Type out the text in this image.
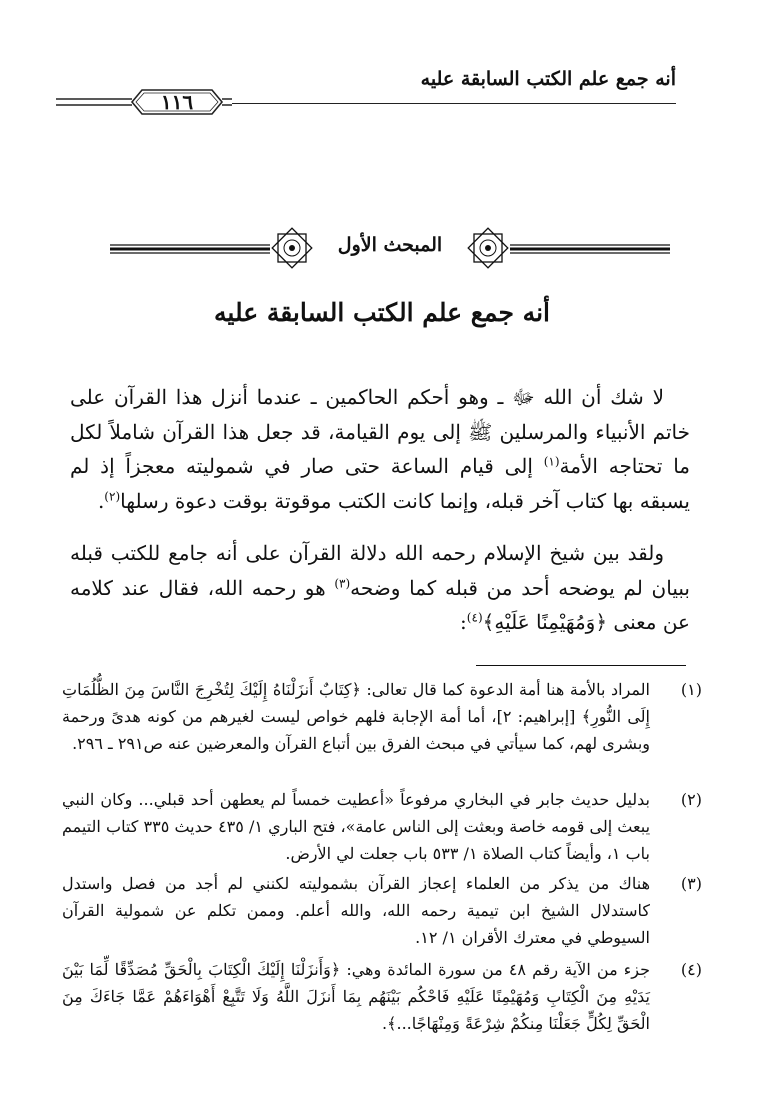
أنه جمع علم الكتب السابقة عليه
١١٦
المبحث الأول
أنه جمع علم الكتب السابقة عليه
لا شك أن الله ﷻ ـ وهو أحكم الحاكمين ـ عندما أنزل هذا القرآن على خاتم الأنبياء والمرسلين ﷺ إلى يوم القيامة، قد جعل هذا القرآن شاملاً لكل ما تحتاجه الأمة$^{(١)}$ إلى قيام الساعة حتى صار في شموليته معجزاً إذ لم يسبقه بها كتاب آخر قبله، وإنما كانت الكتب موقوتة بوقت دعوة رسلها$^{(٢)}$.
ولقد بين شيخ الإسلام رحمه الله دلالة القرآن على أنه جامع للكتب قبله ببيان لم يوضحه أحد من قبله كما وضحه$^{(٣)}$ هو رحمه الله، فقال عند كلامه عن معنى ﴿وَمُهَيْمِنًا عَلَيْهِ﴾$^{(٤)}$:
(١)
المراد بالأمة هنا أمة الدعوة كما قال تعالى: ﴿كِتَابٌ أَنزَلْنَاهُ إِلَيْكَ لِتُخْرِجَ النَّاسَ مِنَ الظُّلُمَاتِ إِلَى النُّورِ﴾ [إبراهيم: ٢]، أما أمة الإجابة فلهم خواص ليست لغيرهم من كونه هدىً ورحمة وبشرى لهم، كما سيأتي في مبحث الفرق بين أتباع القرآن والمعرضين عنه ص٢٩١ ـ ٢٩٦.
(٢)
بدليل حديث جابر في البخاري مرفوعاً «أعطيت خمساً لم يعطهن أحد قبلي... وكان النبي يبعث إلى قومه خاصة وبعثت إلى الناس عامة»، فتح الباري ١/ ٤٣٥ حديث ٣٣٥ كتاب التيمم باب ١، وأيضاً كتاب الصلاة ١/ ٥٣٣ باب جعلت لي الأرض.
(٣)
هناك من يذكر من العلماء إعجاز القرآن بشموليته لكنني لم أجد من فصل واستدل كاستدلال الشيخ ابن تيمية رحمه الله، والله أعلم. وممن تكلم عن شمولية القرآن السيوطي في معترك الأقران ١/ ١٢.
(٤)
جزء من الآية رقم ٤٨ من سورة المائدة وهي: ﴿وَأَنزَلْنَا إِلَيْكَ الْكِتَابَ بِالْحَقِّ مُصَدِّقًا لِّمَا بَيْنَ يَدَيْهِ مِنَ الْكِتَابِ وَمُهَيْمِنًا عَلَيْهِ فَاحْكُم بَيْنَهُم بِمَا أَنزَلَ اللَّهُ وَلَا تَتَّبِعْ أَهْوَاءَهُمْ عَمَّا جَاءَكَ مِنَ الْحَقِّ لِكُلٍّ جَعَلْنَا مِنكُمْ شِرْعَةً وَمِنْهَاجًا...﴾.
